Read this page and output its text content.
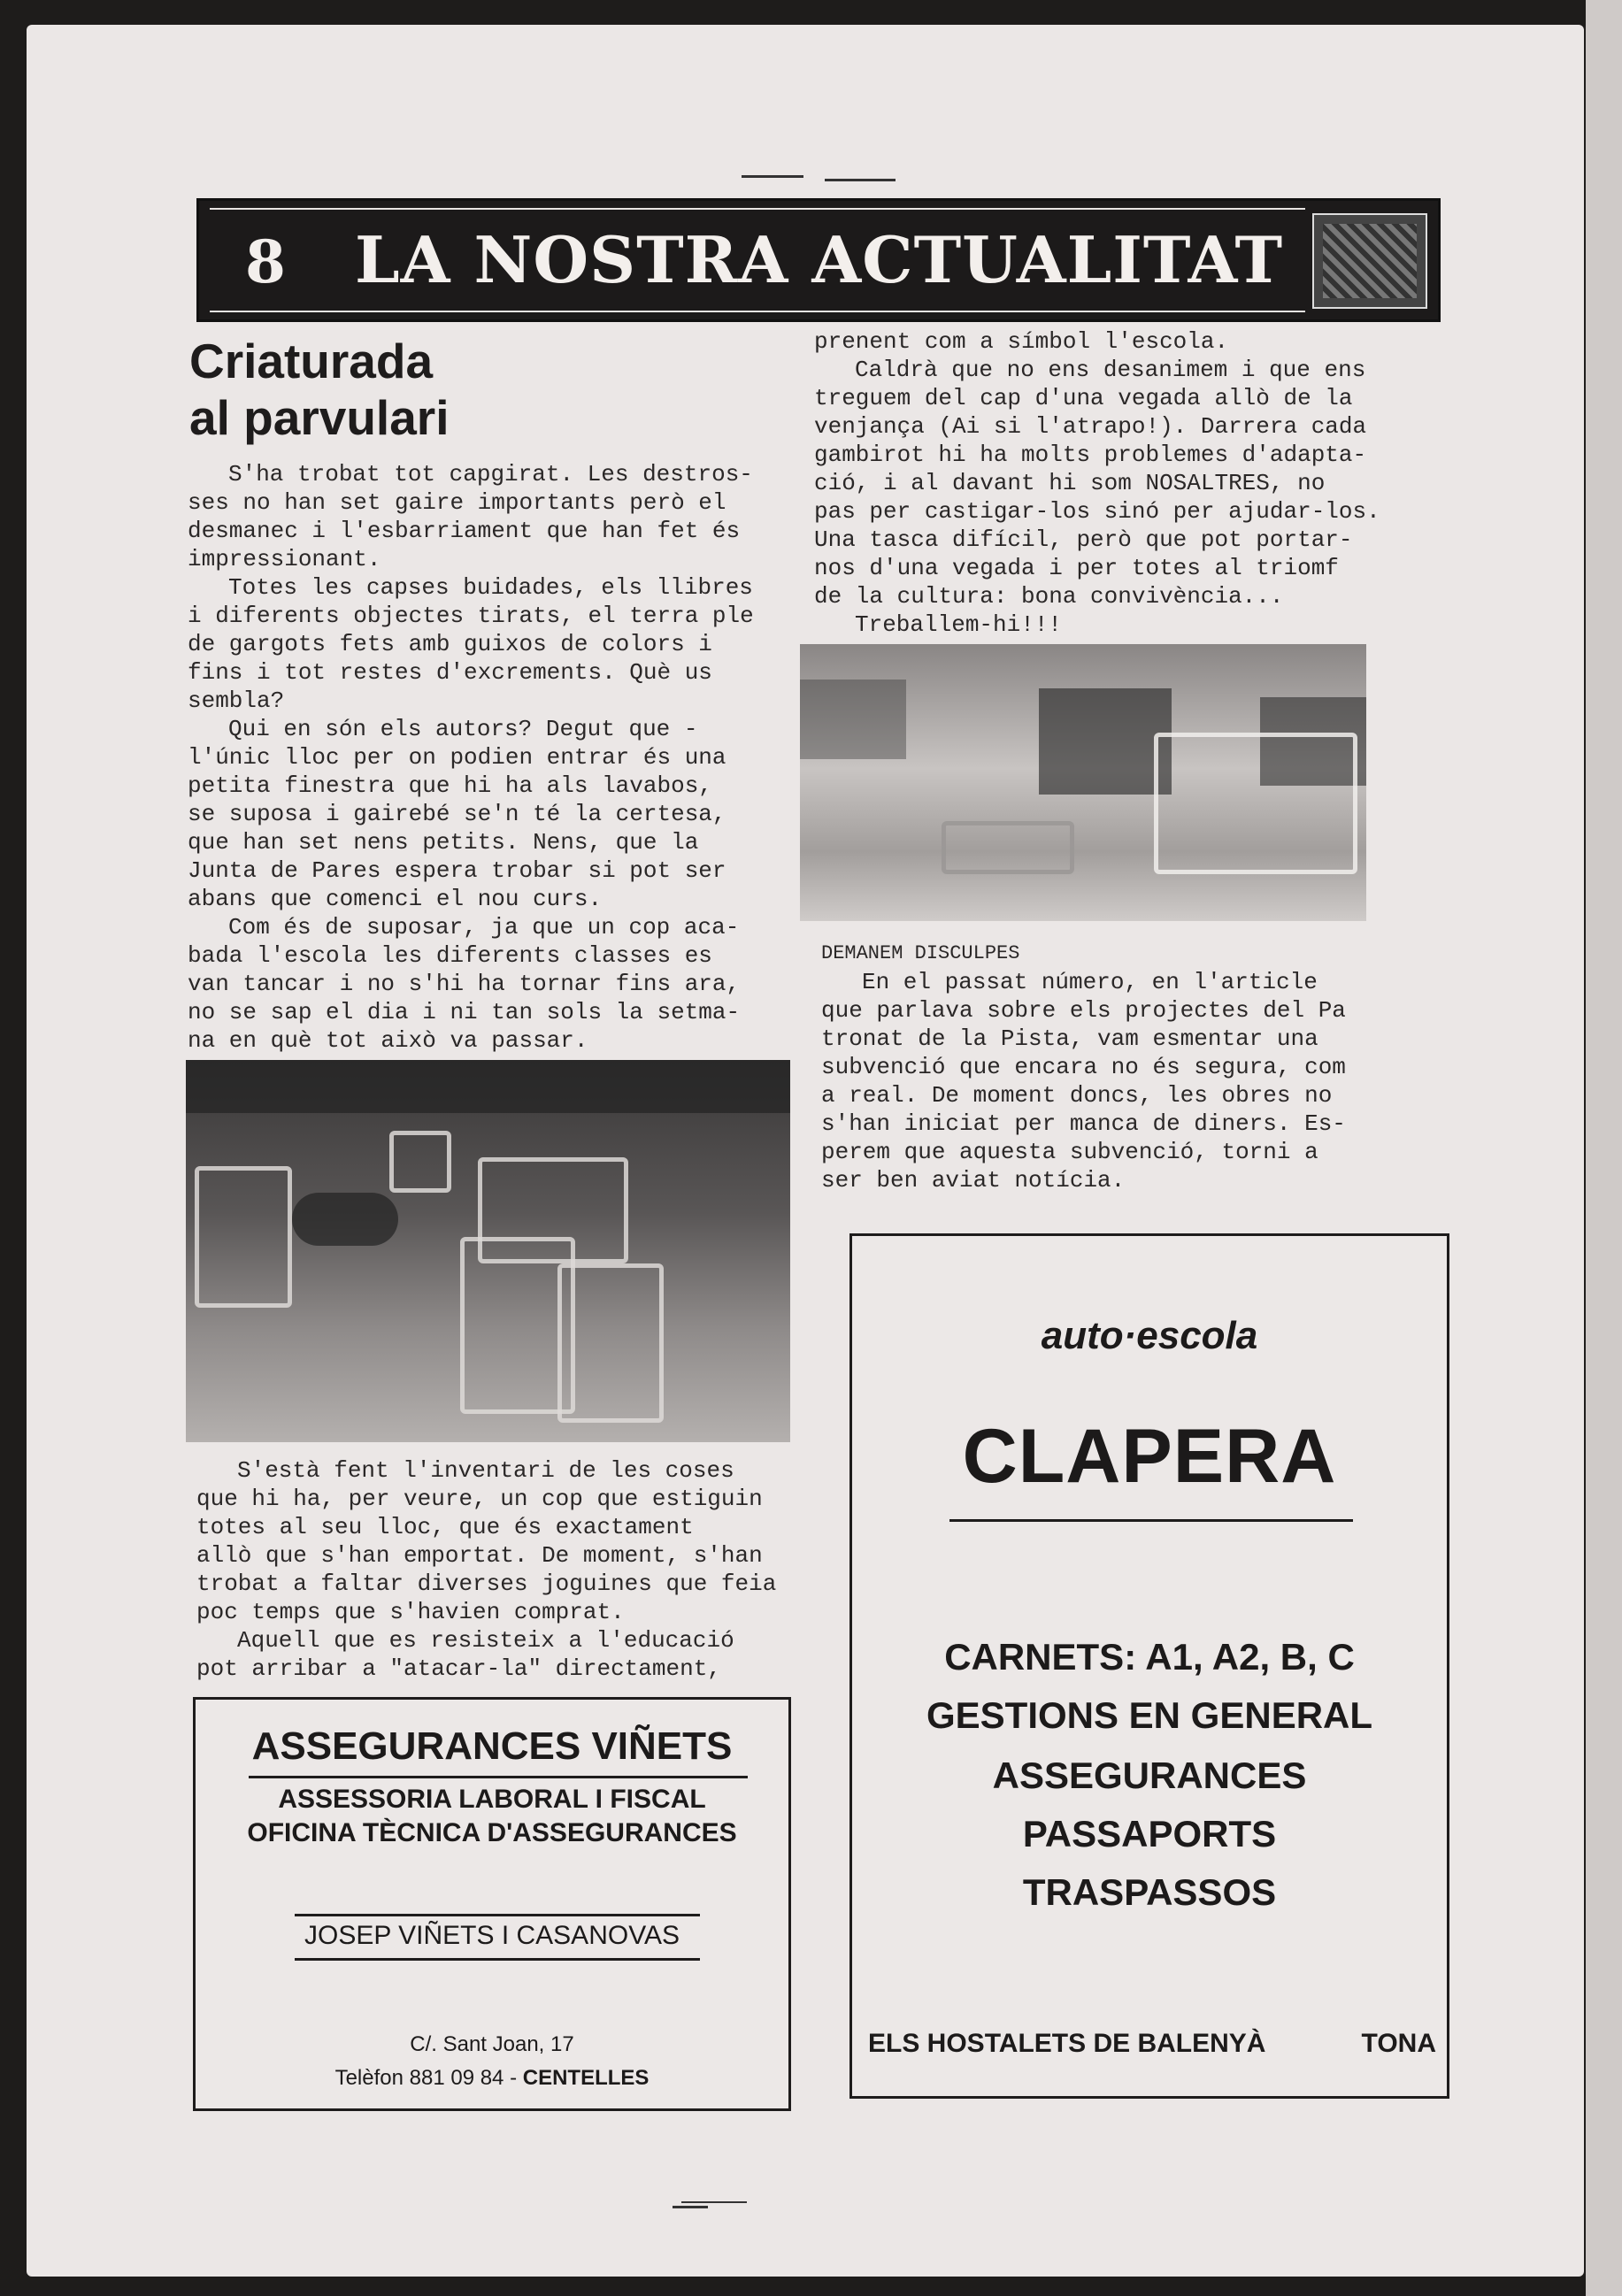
8 LA NOSTRA ACTUALITAT
Criaturada
al parvulari

S'ha trobat tot capgirat. Les destros-

ses no han set gaire importants però el

desmanec i l'esbarriament que han fet és

impressionant.

Totes les capses buidades, els llibres

i diferents objectes tirats, el terra ple

de gargots fets amb guixos de colors i

fins i tot restes d'excrements. Què us

sembla?

Qui en són els autors? Degut que -

l'únic lloc per on podien entrar és una

petita finestra que hi ha als lavabos,

se suposa i gairebé se'n té la certesa,

que han set nens petits. Nens, que la

Junta de Pares espera trobar si pot ser

abans que comenci el nou curs.

Com és de suposar, ja que un cop aca-

bada l'escola les diferents classes es

van tancar i no s'hi ha tornar fins ara,

no se sap el dia i ni tan sols la setma-

na en què tot això va passar.

S'està fent l'inventari de les coses

que hi ha, per veure, un cop que estiguin

totes al seu lloc, que és exactament

allò que s'han emportat. De moment, s'han

trobat a faltar diverses joguines que feia

poc temps que s'havien comprat.

Aquell que es resisteix a l'educació

pot arribar a "atacar-la" directament,

prenent com a símbol l'escola.

Caldrà que no ens desanimem i que ens

treguem del cap d'una vegada allò de la

venjança (Ai si l'atrapo!). Darrera cada

gambirot hi ha molts problemes d'adapta-

ció, i al davant hi som NOSALTRES, no

pas per castigar-los sinó per ajudar-los.

Una tasca difícil, però que pot portar-

nos d'una vegada i per totes al triomf

de la cultura: bona convivència...

Treballem-hi!!!

DEMANEM DISCULPES

En el passat número, en l'article

que parlava sobre els projectes del Pa

tronat de la Pista, vam esmentar una

subvenció que encara no és segura, com

a real. De moment doncs, les obres no

s'han iniciat per manca de diners. Es-

perem que aquesta subvenció, torni a

ser ben aviat notícia.

ASSEGURANCES VIÑETS
ASSESSORIA LABORAL I FISCAL
OFICINA TÈCNICA D'ASSEGURANCES
JOSEP VIÑETS I CASANOVAS
C/. Sant Joan, 17
Telèfon 881 09 84 - CENTELLES
auto·escola
CLAPERA
CARNETS: A1, A2, B, C
GESTIONS EN GENERAL
ASSEGURANCES
PASSAPORTS
TRASPASSOS
ELS HOSTALETS DE BALENYÀ	TONA
